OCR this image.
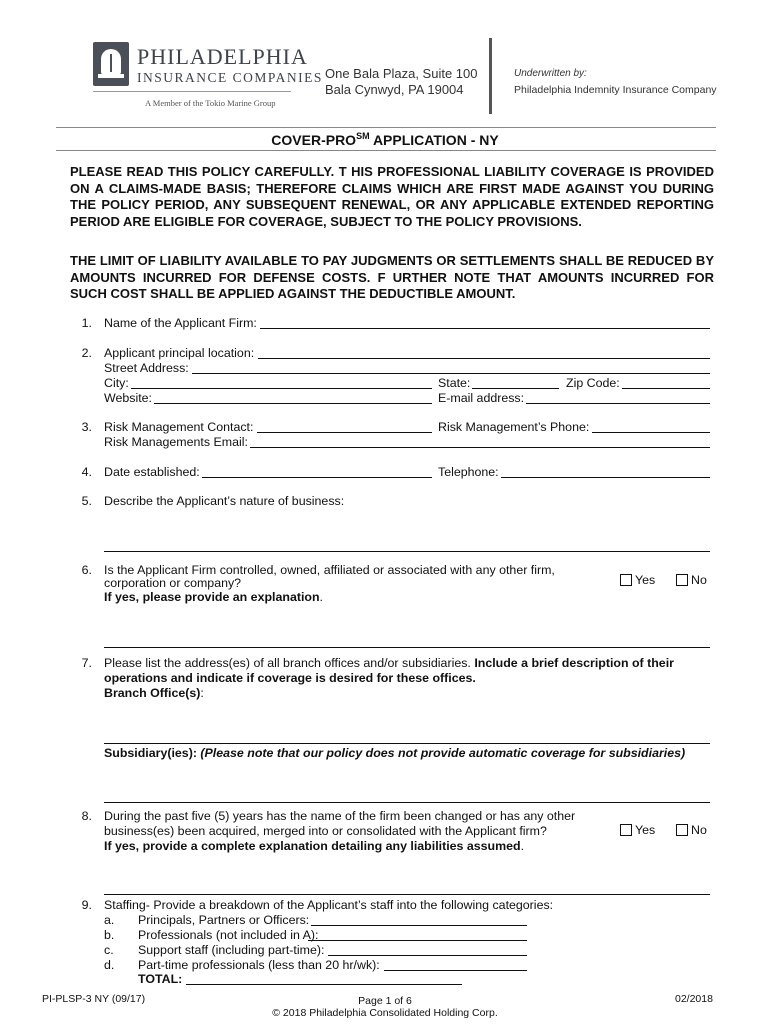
PHILADELPHIA
INSURANCE COMPANIES
A Member of the Tokio Marine Group
One Bala Plaza, Suite 100
Bala Cynwyd, PA 19004
Underwritten by:
Philadelphia Indemnity Insurance Company
COVER-PRO℠ APPLICATION - NY
PLEASE READ THIS POLICY CAREFULLY. T HIS PROFESSIONAL LIABILITY COVERAGE IS PROVIDED ON A CLAIMS-MADE BASIS; THEREFORE CLAIMS WHICH ARE FIRST MADE AGAINST YOU DURING THE POLICY PERIOD, ANY SUBSEQUENT RENEWAL, OR ANY APPLICABLE EXTENDED REPORTING PERIOD ARE ELIGIBLE FOR COVERAGE, SUBJECT TO THE POLICY PROVISIONS.
THE LIMIT OF LIABILITY AVAILABLE TO PAY JUDGMENTS OR SETTLEMENTS SHALL BE REDUCED BY AMOUNTS INCURRED FOR DEFENSE COSTS. F URTHER NOTE THAT AMOUNTS INCURRED FOR SUCH COST SHALL BE APPLIED AGAINST THE DEDUCTIBLE AMOUNT.
1. Name of the Applicant Firm:
2. Applicant principal location:
Street Address:
City:	State:	Zip Code:
Website:	E-mail address:
3. Risk Management Contact:	Risk Management’s Phone:
Risk Managements Email:
4. Date established:	Telephone:
5. Describe the Applicant’s nature of business:
6. Is the Applicant Firm controlled, owned, affiliated or associated with any other firm,
corporation or company?
If yes, please provide an explanation.
Yes	No
7. Please list the address(es) of all branch offices and/or subsidiaries. Include a brief description of their
operations and indicate if coverage is desired for these offices.
Branch Office(s):
Subsidiary(ies): (Please note that our policy does not provide automatic coverage for subsidiaries)
8. During the past five (5) years has the name of the firm been changed or has any other
business(es) been acquired, merged into or consolidated with the Applicant firm?
If yes, provide a complete explanation detailing any liabilities assumed.
Yes	No
9. Staffing- Provide a breakdown of the Applicant’s staff into the following categories:
a. Principals, Partners or Officers:
b. Professionals (not included in A):
c. Support staff (including part-time):
d. Part-time professionals (less than 20 hr/wk):
TOTAL:
PI-PLSP-3 NY (09/17)	Page 1 of 6
© 2018 Philadelphia Consolidated Holding Corp.
02/2018
